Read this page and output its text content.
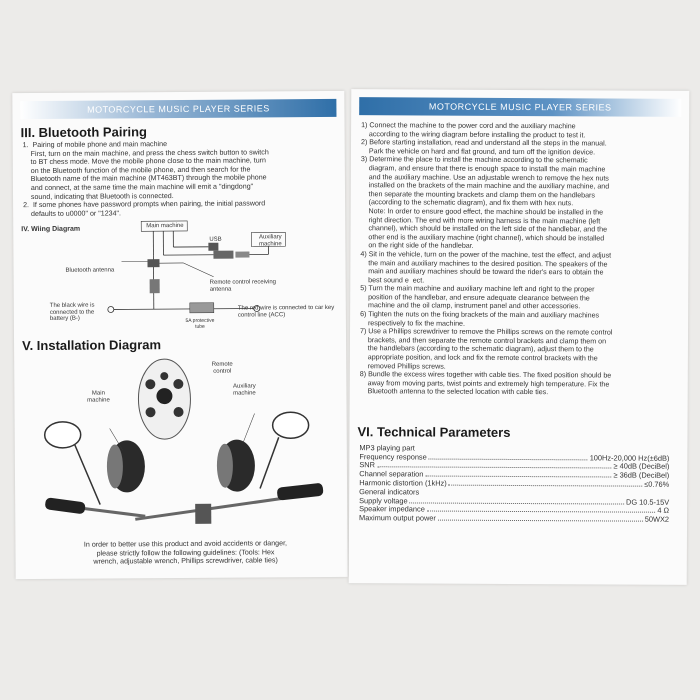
MOTORCYCLE MUSIC PLAYER SERIES
III. Bluetooth Pairing

1.  Pairing of mobile phone and main machine

First, turn on the main machine, and press the chess switch button to switch

to BT chess mode. Move the mobile phone close to the main machine, turn

on the Bluetooth function of the mobile phone, and then search for the

Bluetooth name of the main machine (MT463BT) through the mobile phone

and connect, at the same time the main machine will emit a "dingdong"

sound, indicating that Bluetooth is connected.

2.  If some phones have password prompts when pairing, the initial password

defaults to u0000" or "1234".

IV. Wiing Diagram	Main machine
USB	Auxiliary machine
Bluetooth antenna
Remote control receiving antenna
The black wire is connected to the battery (B-)
The red wire is connected to car key control line (ACC)
5A protective tube
V. Installation Diagram
Remote control
Main machine
Auxiliary machine

In order to better use this product and avoid accidents or danger,

please strictly follow the following guidelines: (Tools: Hex

wrench, adjustable wrench, Phillips screwdriver, cable ties)

MOTORCYCLE MUSIC PLAYER SERIES

1) Connect the machine to the power cord and the auxiliary machine

according to the wiring diagram before installing the product to test it.

2) Before starting installation, read and understand all the steps in the manual.

Park the vehicle on hard and flat ground, and turn off the ignition device.

3) Determine the place to install the machine according to the schematic

diagram, and ensure that there is enough space to install the main machine

and the auxiliary machine. Use an adjustable wrench to remove the hex nuts

installed on the brackets of the main machine and the auxiliary machine, and

then separate the mounting brackets and clamp them on the handlebars

(according to the schematic diagram), and fix them with hex nuts.

Note: In order to ensure good effect, the machine should be installed in the

right direction. The end with more wiring harness is the main machine (left

channel), which should be installed on the left side of the handlebar, and the

other end is the auxiliary machine (right channel), which should be installed

on the right side of the handlebar.

4) Sit in the vehicle, turn on the power of the machine, test the effect, and adjust

the main and auxiliary machines to the desired position. The speakers of the

main and auxiliary machines should be toward the rider's ears to obtain the

best sound e  ect.

5) Turn the main machine and auxiliary machine left and right to the proper

position of the handlebar, and ensure adequate clearance between the

machine and the oil clamp, instrument panel and other accessories.

6) Tighten the nuts on the fixing brackets of the main and auxiliary machines

respectively to fix the machine.

7) Use a Phillips screwdriver to remove the Phillips screws on the remote control

brackets, and then separate the remote control brackets and clamp them on

the handlebars (according to the schematic diagram), adjust them to the

appropriate position, and lock and fix the remote control brackets with the

removed Phillips screws.

8) Bundle the excess wires together with cable ties. The fixed position should be

away from moving parts, twist points and extremely high temperature. Fix the

Bluetooth antenna to the selected location with cable ties.

VI. Technical Parameters
MP3 playing part
Frequency response	100Hz-20,000 Hz(±6dB)
SNR	≥ 40dB (DeciBel)
Channel separation	≥ 36dB (DeciBel)
Harmonic distortion (1kHz)	≤0.76%
General indicators
Supply voltage	DG 10.5-15V
Speaker impedance	4 Ω
Maximum output power	50WX2
